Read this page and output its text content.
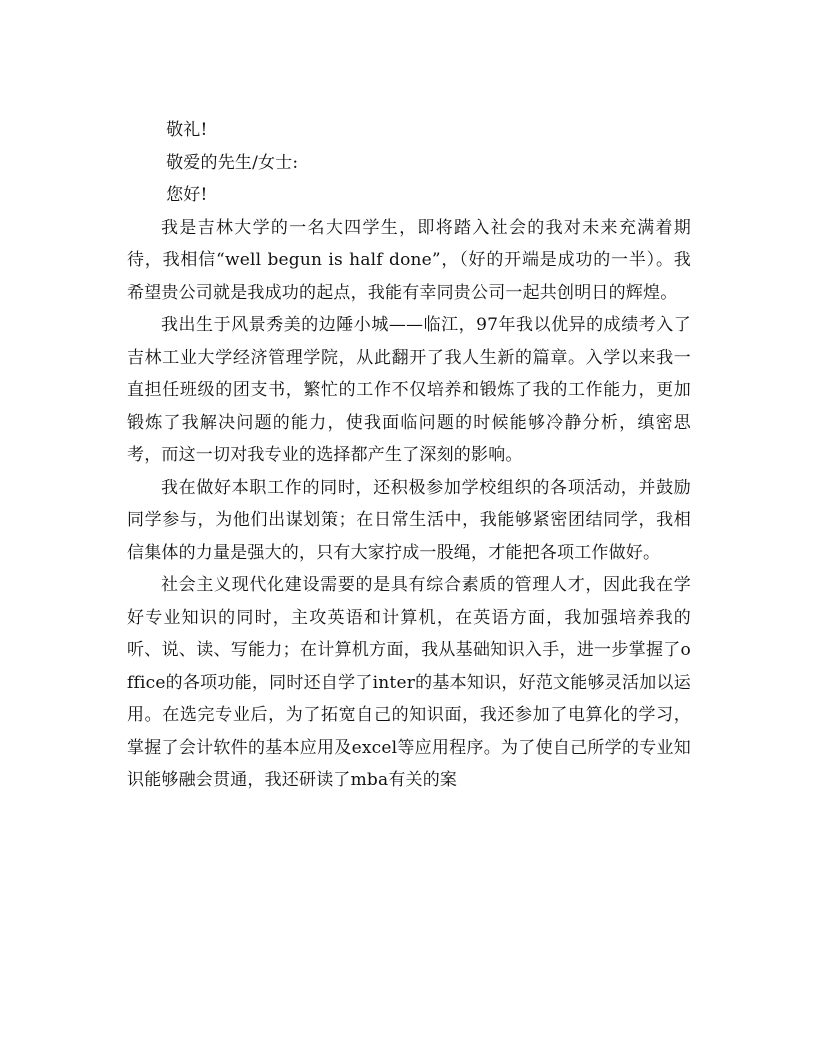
敬礼!

敬爱的先生/女士:

您好!

我是吉林大学的一名大四学生，即将踏入社会的我对未来充满着期待，我相信“well begun is half done”，（好的开端是成功的一半）。我希望贵公司就是我成功的起点，我能有幸同贵公司一起共创明日的辉煌。

我出生于风景秀美的边陲小城——临江，97年我以优异的成绩考入了吉林工业大学经济管理学院，从此翻开了我人生新的篇章。入学以来我一直担任班级的团支书，繁忙的工作不仅培养和锻炼了我的工作能力，更加锻炼了我解决问题的能力，使我面临问题的时候能够冷静分析，缜密思考，而这一切对我专业的选择都产生了深刻的影响。

我在做好本职工作的同时，还积极参加学校组织的各项活动，并鼓励同学参与，为他们出谋划策；在日常生活中，我能够紧密团结同学，我相信集体的力量是强大的，只有大家拧成一股绳，才能把各项工作做好。

社会主义现代化建设需要的是具有综合素质的管理人才，因此我在学好专业知识的同时，主攻英语和计算机，在英语方面，我加强培养我的听、说、读、写能力；在计算机方面，我从基础知识入手，进一步掌握了office的各项功能，同时还自学了inter的基本知识，好范文能够灵活加以运用。在选完专业后，为了拓宽自己的知识面，我还参加了电算化的学习，掌握了会计软件的基本应用及excel等应用程序。为了使自己所学的专业知识能够融会贯通，我还研读了mba有关的案
